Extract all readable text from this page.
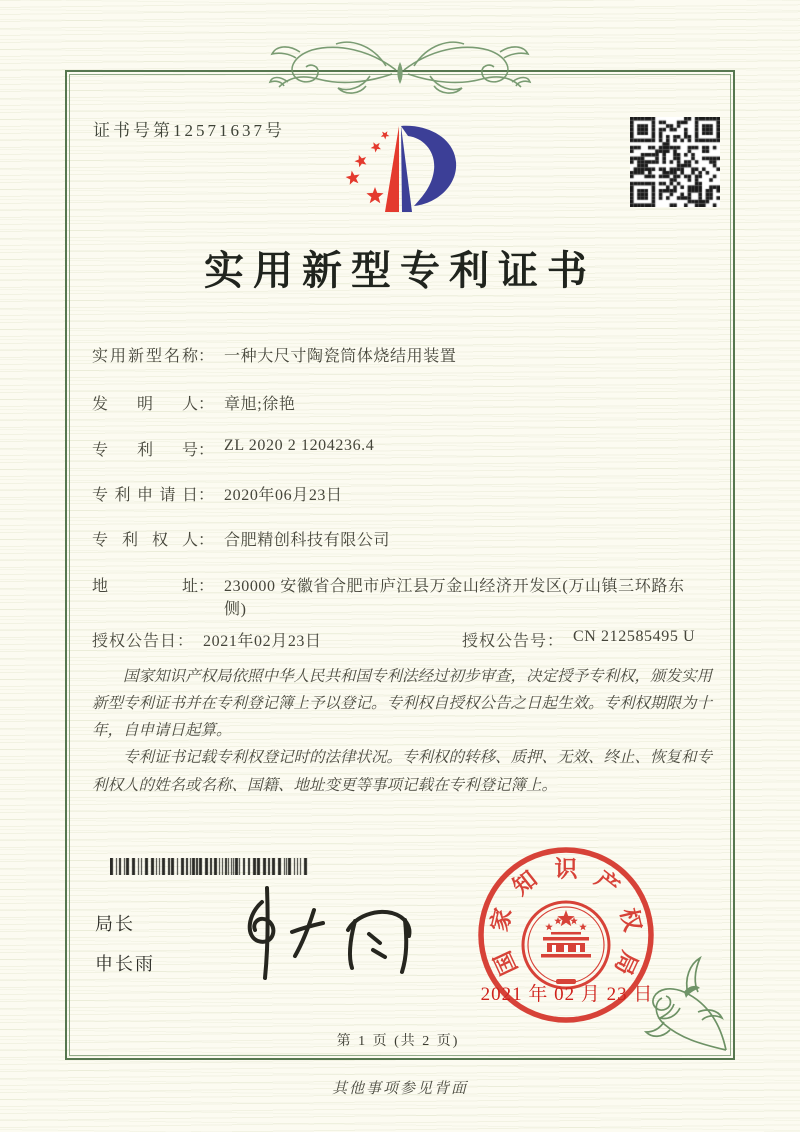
证书号第12571637号
实用新型专利证书
实用新型名称 ： 一种大尺寸陶瓷筒体烧结用装置
发明人 ： 章旭;徐艳
专利号 ： ZL 2020 2 1204236.4
专利申请日 ： 2020年06月23日
专利权人 ： 合肥精创科技有限公司
地址 ： 230000 安徽省合肥市庐江县万金山经济开发区(万山镇三环路东侧)
授权公告日 ： 2021年02月23日	授权公告号 ： CN 212585495 U

国家知识产权局依照中华人民共和国专利法经过初步审查，决定授予专利权，颁发实用新型专利证书并在专利登记簿上予以登记。专利权自授权公告之日起生效。专利权期限为十年，自申请日起算。

专利证书记载专利权登记时的法律状况。专利权的转移、质押、无效、终止、恢复和专利权人的姓名或名称、国籍、地址变更等事项记载在专利登记簿上。

局长
申长雨	国
家
知 识 产
权
局
2021 年 02 月 23 日
第 1 页 (共 2 页)
其他事项参见背面
